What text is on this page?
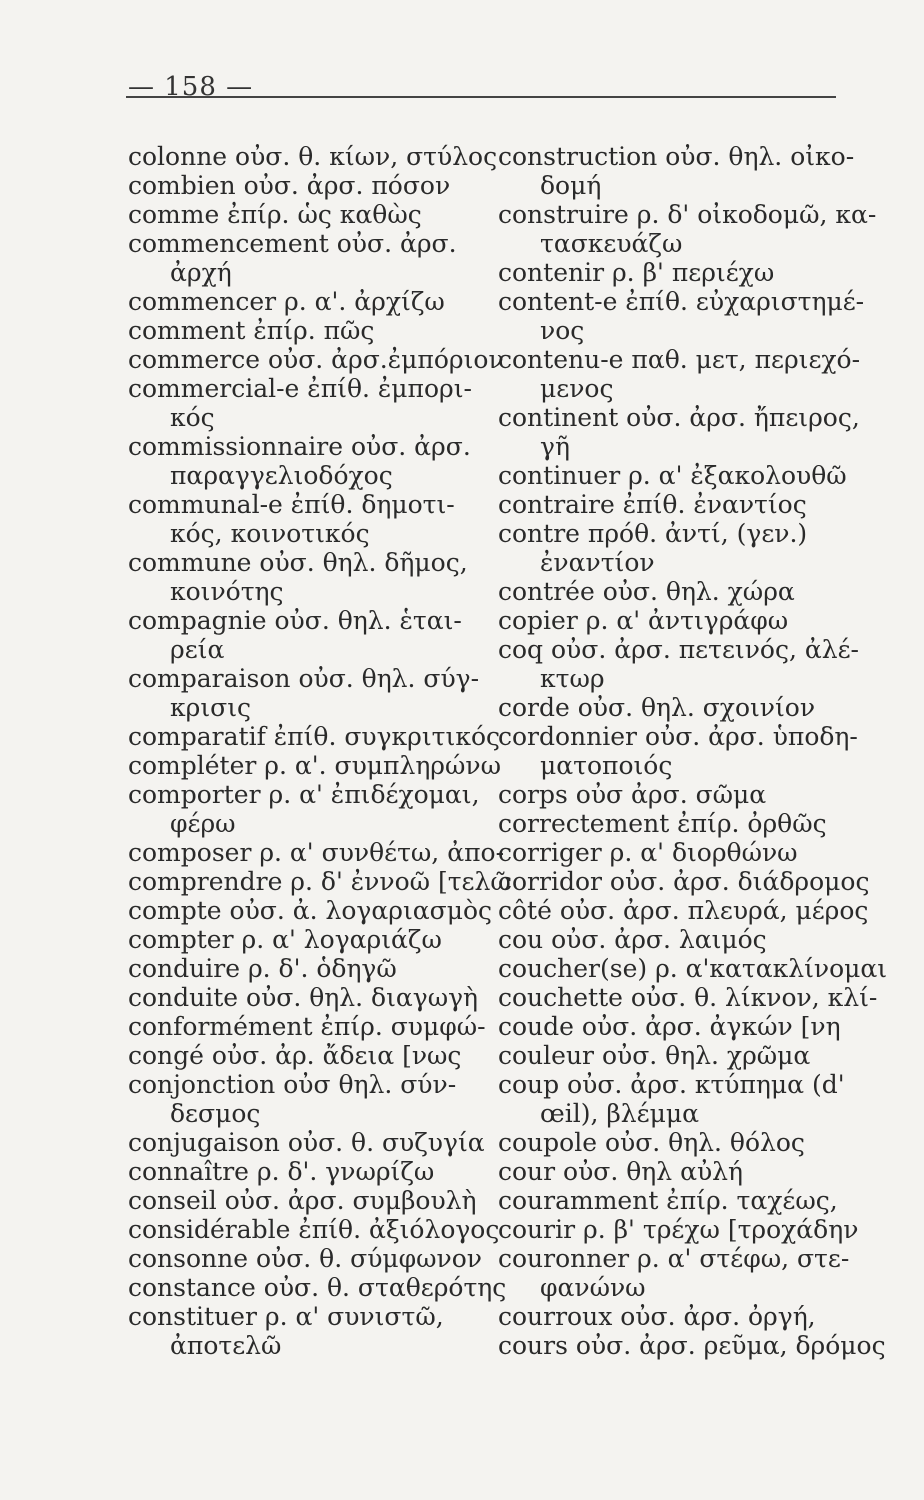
— 158 —
colonne οὐσ. θ. κίων, στύλος
combien οὐσ. ἀρσ. πόσον
comme ἐπίρ. ὡς καθὼς
commencement οὐσ. ἀρσ.
ἀρχή
commencer ρ. α'. ἀρχίζω
comment ἐπίρ. πῶς
commerce οὐσ. ἀρσ.ἐμπόριον
commercial-e ἐπίθ. ἐμπορι-
κός
commissionnaire οὐσ. ἀρσ.
παραγγελιοδόχος
communal-e ἐπίθ. δημοτι-
κός, κοινοτικός
commune οὐσ. θηλ. δῆμος,
κοινότης
compagnie οὐσ. θηλ. ἑται-
ρεία
comparaison οὐσ. θηλ. σύγ-
κρισις
comparatif ἐπίθ. συγκριτικός
compléter ρ. α'. συμπληρώνω
comporter ρ. α' ἐπιδέχομαι,
φέρω
composer ρ. α' συνθέτω, ἀπο-
comprendre ρ. δ' ἐννοῶ [τελῶ
compte οὐσ. ἀ. λογαριασμὸς
compter ρ. α' λογαριάζω
conduire ρ. δ'. ὁδηγῶ
conduite οὐσ. θηλ. διαγωγὴ
conformément ἐπίρ. συμφώ-
congé οὐσ. ἀρ. ἄδεια [νως
conjonction οὐσ θηλ. σύν-
δεσμος
conjugaison οὐσ. θ. συζυγία
connaître ρ. δ'. γνωρίζω
conseil οὐσ. ἀρσ. συμβουλὴ
considérable ἐπίθ. ἀξιόλογος
consonne οὐσ. θ. σύμφωνον
constance οὐσ. θ. σταθερότης
constituer ρ. α' συνιστῶ,
ἀποτελῶ
construction οὐσ. θηλ. οἰκο-
δομή
construire ρ. δ' οἰκοδομῶ, κα-
τασκευάζω
contenir ρ. β' περιέχω
content-e ἐπίθ. εὐχαριστημέ-
νος
contenu-e παθ. μετ, περιεχό-
μενος
continent οὐσ. ἀρσ. ἤπειρος,
γῆ
continuer ρ. α' ἐξακολουθῶ
contraire ἐπίθ. ἐναντίος
contre πρόθ. ἀντί, (γεν.)
ἐναντίον
contrée οὐσ. θηλ. χώρα
copier ρ. α' ἀντιγράφω
coq οὐσ. ἀρσ. πετεινός, ἀλέ-
κτωρ
corde οὐσ. θηλ. σχοινίον
cordonnier οὐσ. ἀρσ. ὑποδη-
ματοποιός
corps οὐσ ἀρσ. σῶμα
correctement ἐπίρ. ὀρθῶς
corriger ρ. α' διορθώνω
corridor οὐσ. ἀρσ. διάδρομος
côté οὐσ. ἀρσ. πλευρά, μέρος
cou οὐσ. ἀρσ. λαιμός
coucher(se) ρ. α'κατακλίνομαι
couchette οὐσ. θ. λίκνον, κλί-
coude οὐσ. ἀρσ. ἀγκών [νη
couleur οὐσ. θηλ. χρῶμα
coup οὐσ. ἀρσ. κτύπημα (d'
œil), βλέμμα
coupole οὐσ. θηλ. θόλος
cour οὐσ. θηλ αὐλή
couramment ἐπίρ. ταχέως,
courir ρ. β' τρέχω [τροχάδην
couronner ρ. α' στέφω, στε-
φανώνω
courroux οὐσ. ἀρσ. ὀργή,
cours οὐσ. ἀρσ. ρεῦμα, δρόμος
